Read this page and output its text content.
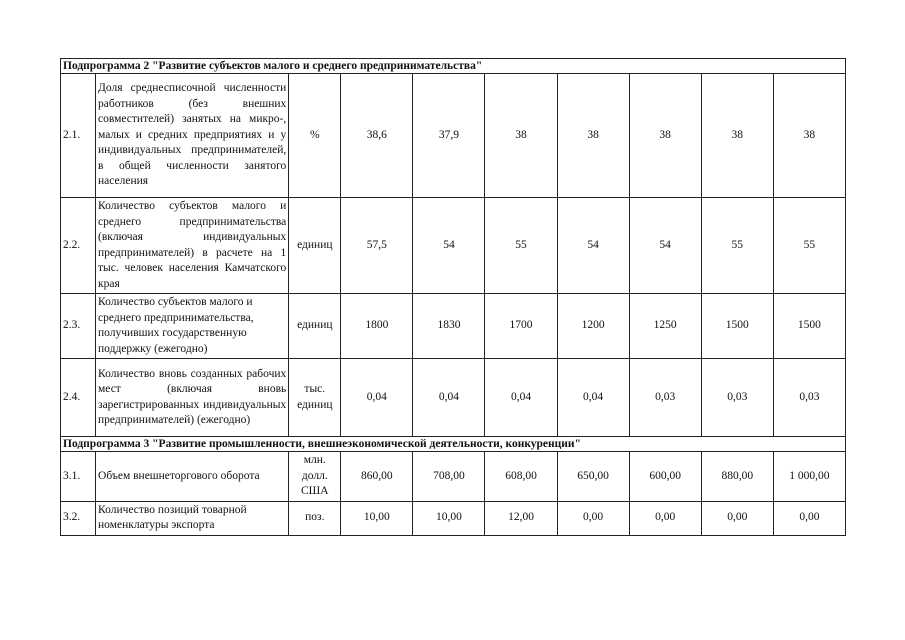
Подпрограмма 2 "Развитие субъектов малого и среднего предпринимательства"									
2.1.	Доля среднесписочной численности работников (без внешних совместителей) занятых на микро-, малых и средних предприятиях и у индивидуальных предпринимателей, в общей численности занятого населения	%	38,6	37,9	38	38	38	38	38
2.2.	Количество субъектов малого и среднего предпринимательства (включая индивидуальных предпринимателей) в расчете на 1 тыс. человек населения Камчатского края	единиц	57,5	54	55	54	54	55	55
2.3.	Количество субъектов малого и среднего предпринимательства, получивших государственную поддержку (ежегодно)	единиц	1800	1830	1700	1200	1250	1500	1500
2.4.	Количество вновь созданных рабочих мест (включая вновь зарегистрированных индивидуальных предпринимателей) (ежегодно)	тыс. единиц	0,04	0,04	0,04	0,04	0,03	0,03	0,03
Подпрограмма 3 "Развитие промышленности, внешнеэкономической деятельности, конкуренции"									
3.1.	Объем внешнеторгового оборота	млн. долл. США	860,00	708,00	608,00	650,00	600,00	880,00	1 000,00
3.2.	Количество позиций товарной номенклатуры экспорта	поз.	10,00	10,00	12,00	0,00	0,00	0,00	0,00
